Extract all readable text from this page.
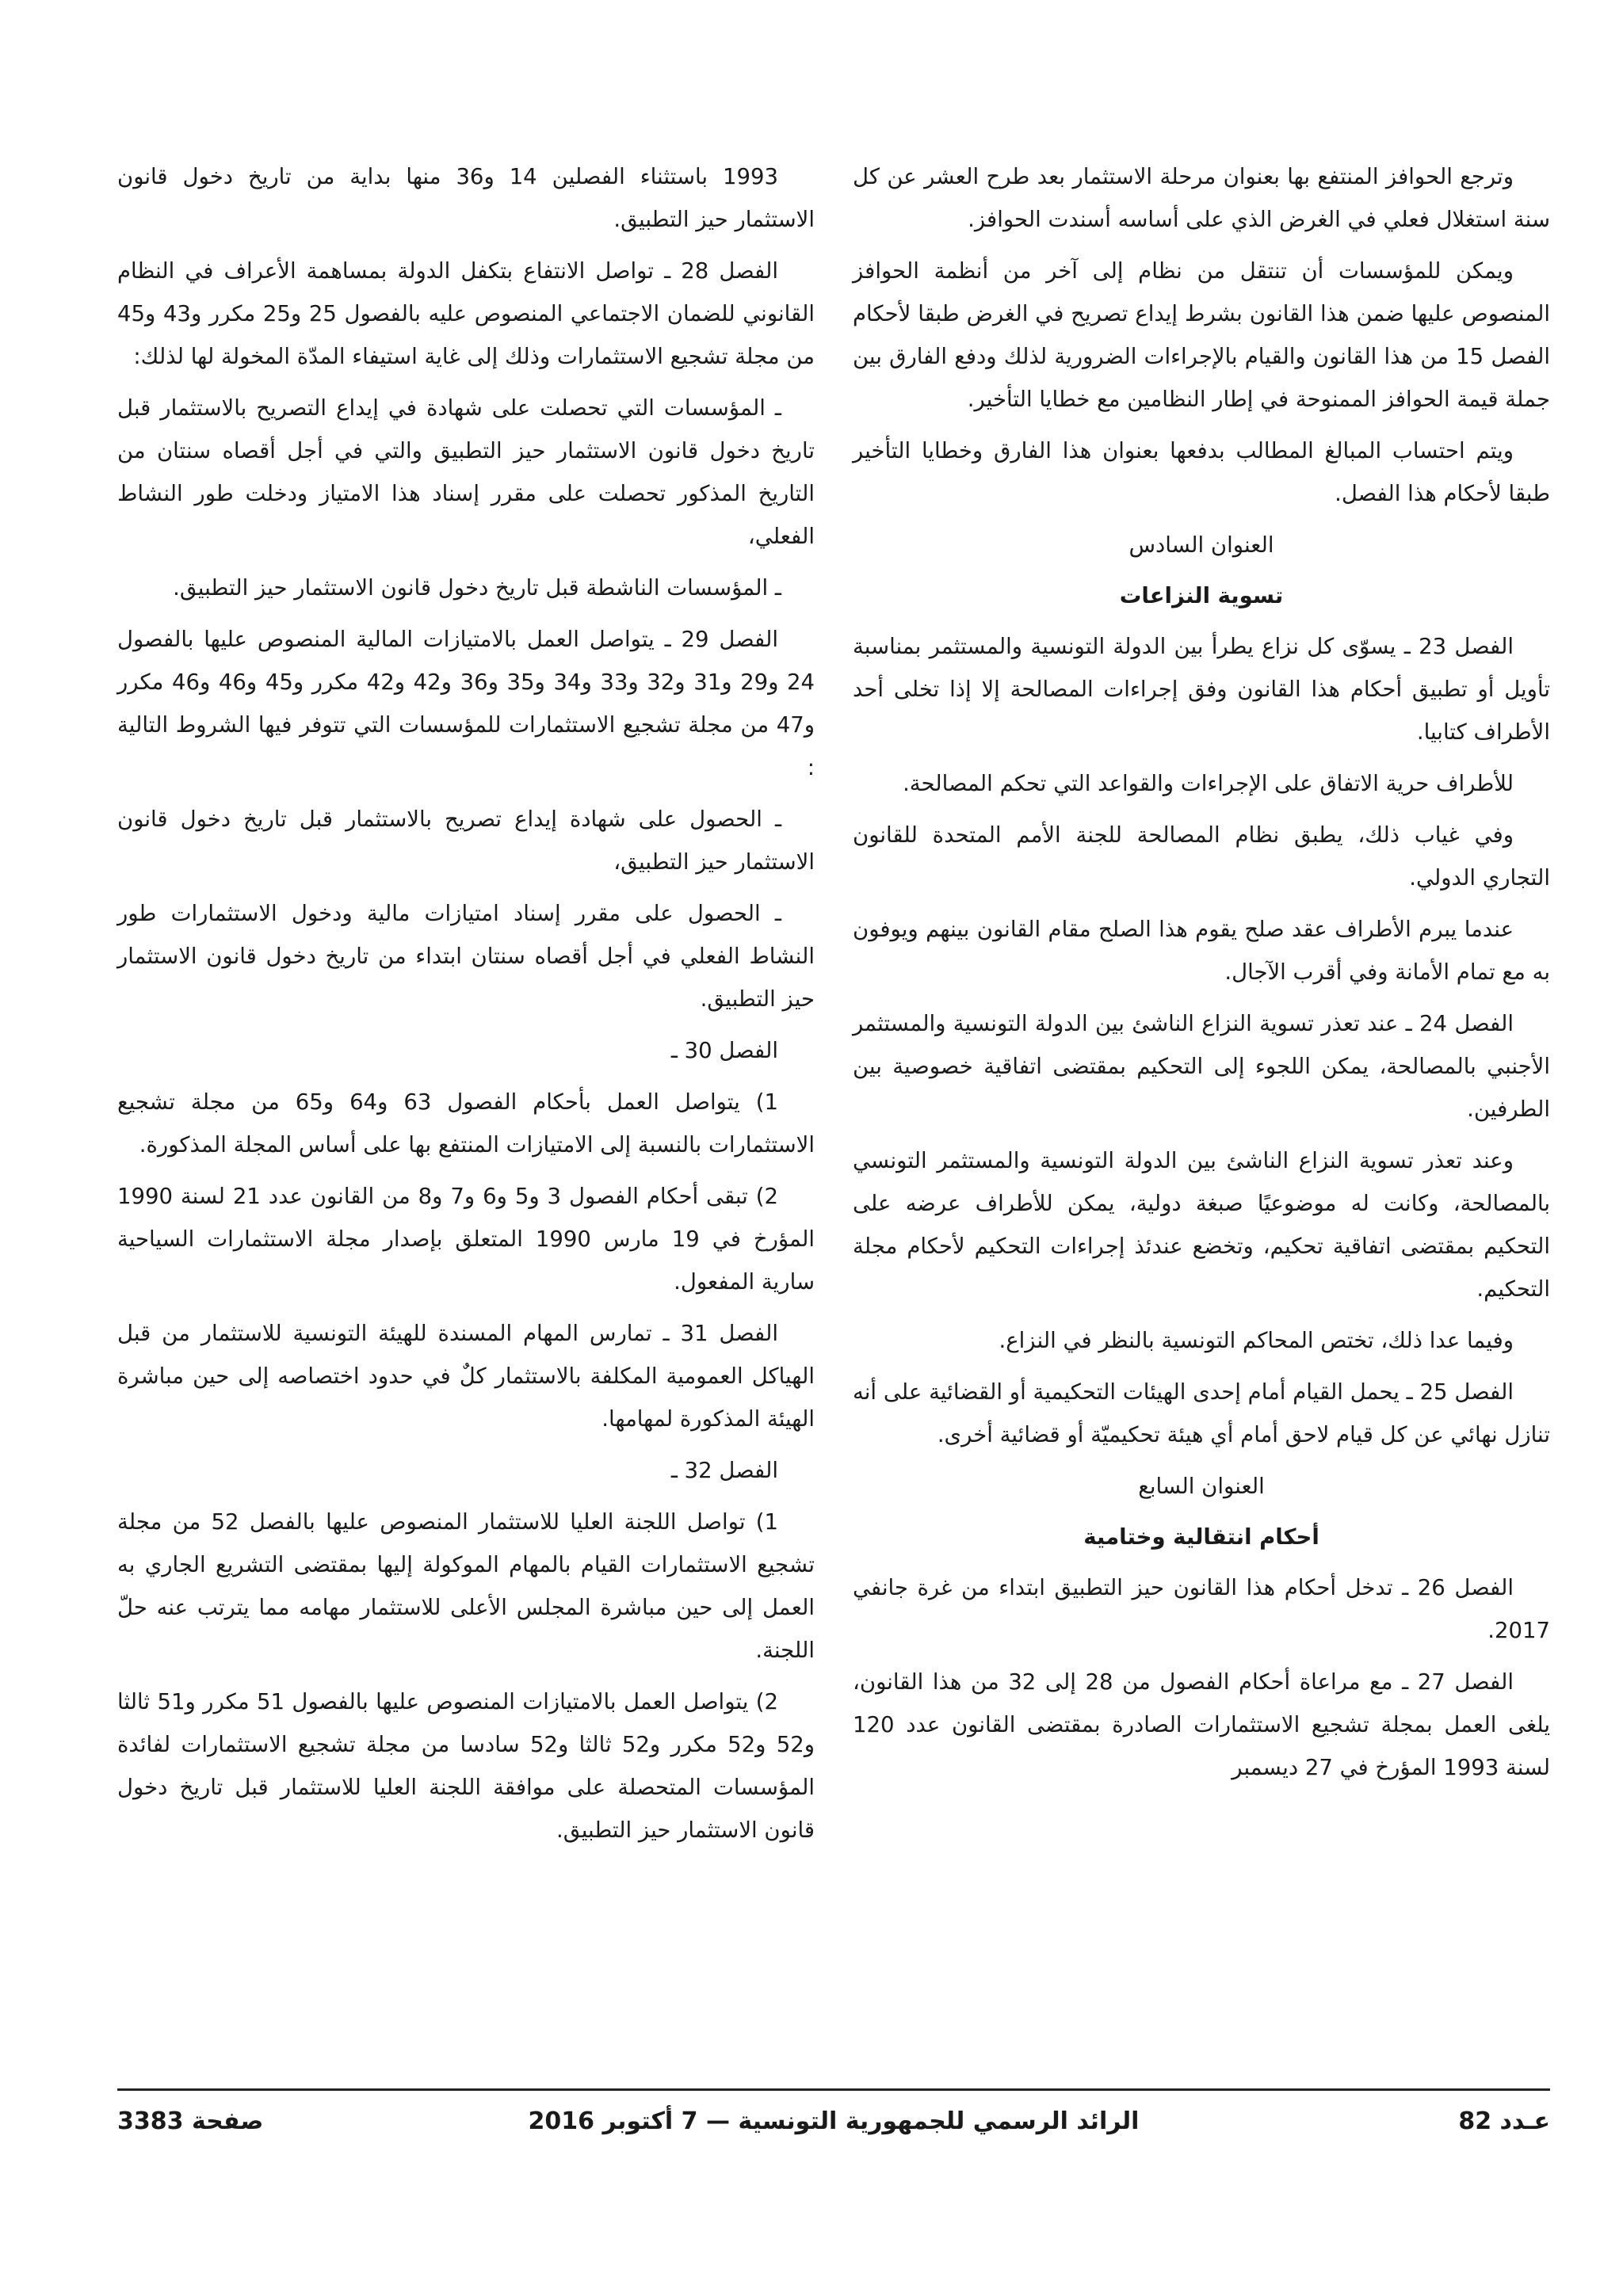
وترجع الحوافز المنتفع بها بعنوان مرحلة الاستثمار بعد طرح العشر عن كل سنة استغلال فعلي في الغرض الذي على أساسه أسندت الحوافز.

ويمكن للمؤسسات أن تنتقل من نظام إلى آخر من أنظمة الحوافز المنصوص عليها ضمن هذا القانون بشرط إيداع تصريح في الغرض طبقا لأحكام الفصل 15 من هذا القانون والقيام بالإجراءات الضرورية لذلك ودفع الفارق بين جملة قيمة الحوافز الممنوحة في إطار النظامين مع خطايا التأخير.

ويتم احتساب المبالغ المطالب بدفعها بعنوان هذا الفارق وخطايا التأخير طبقا لأحكام هذا الفصل.

العنوان السادس

تسوية النزاعات

الفصل 23 ـ يسوّى كل نزاع يطرأ بين الدولة التونسية والمستثمر بمناسبة تأويل أو تطبيق أحكام هذا القانون وفق إجراءات المصالحة إلا إذا تخلى أحد الأطراف كتابيا.

للأطراف حرية الاتفاق على الإجراءات والقواعد التي تحكم المصالحة.

وفي غياب ذلك، يطبق نظام المصالحة للجنة الأمم المتحدة للقانون التجاري الدولي.

عندما يبرم الأطراف عقد صلح يقوم هذا الصلح مقام القانون بينهم ويوفون به مع تمام الأمانة وفي أقرب الآجال.

الفصل 24 ـ عند تعذر تسوية النزاع الناشئ بين الدولة التونسية والمستثمر الأجنبي بالمصالحة، يمكن اللجوء إلى التحكيم بمقتضى اتفاقية خصوصية بين الطرفين.

وعند تعذر تسوية النزاع الناشئ بين الدولة التونسية والمستثمر التونسي بالمصالحة، وكانت له موضوعيًا صبغة دولية، يمكن للأطراف عرضه على التحكيم بمقتضى اتفاقية تحكيم، وتخضع عندئذ إجراءات التحكيم لأحكام مجلة التحكيم.

وفيما عدا ذلك، تختص المحاكم التونسية بالنظر في النزاع.

الفصل 25 ـ يحمل القيام أمام إحدى الهيئات التحكيمية أو القضائية على أنه تنازل نهائي عن كل قيام لاحق أمام أي هيئة تحكيميّة أو قضائية أخرى.

العنوان السابع

أحكام انتقالية وختامية

الفصل 26 ـ تدخل أحكام هذا القانون حيز التطبيق ابتداء من غرة جانفي 2017.

الفصل 27 ـ مع مراعاة أحكام الفصول من 28 إلى 32 من هذا القانون، يلغى العمل بمجلة تشجيع الاستثمارات الصادرة بمقتضى القانون عدد 120 لسنة 1993 المؤرخ في 27 ديسمبر

1993 باستثناء الفصلين 14 و36 منها بداية من تاريخ دخول قانون الاستثمار حيز التطبيق.

الفصل 28 ـ تواصل الانتفاع بتكفل الدولة بمساهمة الأعراف في النظام القانوني للضمان الاجتماعي المنصوص عليه بالفصول 25 و25 مكرر و43 و45 من مجلة تشجيع الاستثمارات وذلك إلى غاية استيفاء المدّة المخولة لها لذلك:

ـ المؤسسات التي تحصلت على شهادة في إيداع التصريح بالاستثمار قبل تاريخ دخول قانون الاستثمار حيز التطبيق والتي في أجل أقصاه سنتان من التاريخ المذكور تحصلت على مقرر إسناد هذا الامتياز ودخلت طور النشاط الفعلي،

ـ المؤسسات الناشطة قبل تاريخ دخول قانون الاستثمار حيز التطبيق.

الفصل 29 ـ يتواصل العمل بالامتيازات المالية المنصوص عليها بالفصول 24 و29 و31 و32 و33 و34 و35 و36 و42 و42 مكرر و45 و46 و46 مكرر و47 من مجلة تشجيع الاستثمارات للمؤسسات التي تتوفر فيها الشروط التالية :

ـ الحصول على شهادة إيداع تصريح بالاستثمار قبل تاريخ دخول قانون الاستثمار حيز التطبيق،

ـ الحصول على مقرر إسناد امتيازات مالية ودخول الاستثمارات طور النشاط الفعلي في أجل أقصاه سنتان ابتداء من تاريخ دخول قانون الاستثمار حيز التطبيق.

الفصل 30 ـ

1) يتواصل العمل بأحكام الفصول 63 و64 و65 من مجلة تشجيع الاستثمارات بالنسبة إلى الامتيازات المنتفع بها على أساس المجلة المذكورة.

2) تبقى أحكام الفصول 3 و5 و6 و7 و8 من القانون عدد 21 لسنة 1990 المؤرخ في 19 مارس 1990 المتعلق بإصدار مجلة الاستثمارات السياحية سارية المفعول.

الفصل 31 ـ تمارس المهام المسندة للهيئة التونسية للاستثمار من قبل الهياكل العمومية المكلفة بالاستثمار كلٌ في حدود اختصاصه إلى حين مباشرة الهيئة المذكورة لمهامها.

الفصل 32 ـ

1) تواصل اللجنة العليا للاستثمار المنصوص عليها بالفصل 52 من مجلة تشجيع الاستثمارات القيام بالمهام الموكولة إليها بمقتضى التشريع الجاري به العمل إلى حين مباشرة المجلس الأعلى للاستثمار مهامه مما يترتب عنه حلّ اللجنة.

2) يتواصل العمل بالامتيازات المنصوص عليها بالفصول 51 مكرر و51 ثالثا و52 و52 مكرر و52 ثالثا و52 سادسا من مجلة تشجيع الاستثمارات لفائدة المؤسسات المتحصلة على موافقة اللجنة العليا للاستثمار قبل تاريخ دخول قانون الاستثمار حيز التطبيق.

عـدد 82
الرائد الرسمي للجمهورية التونسية — 7 أكتوبر 2016
صفحة 3383
